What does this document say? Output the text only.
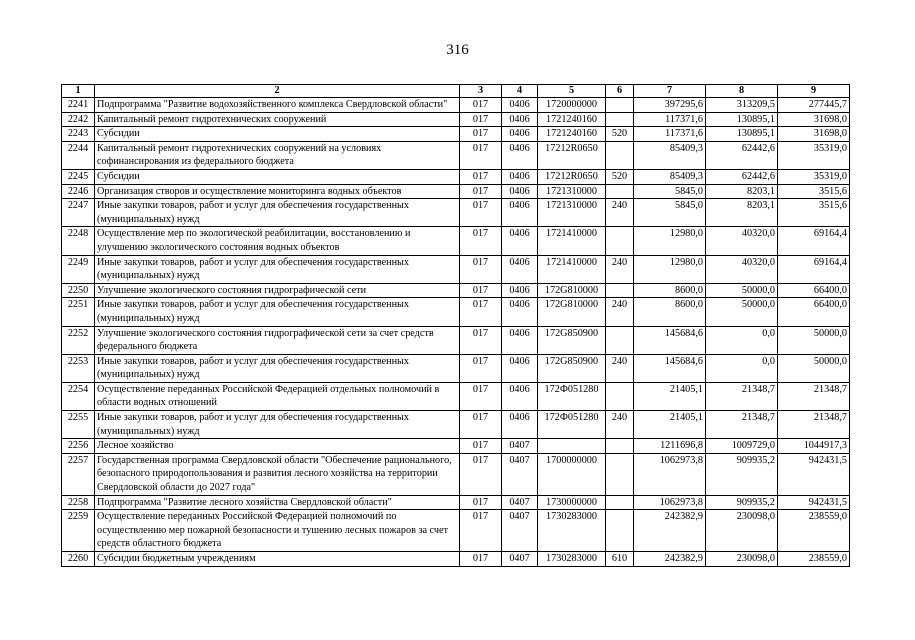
316
1	2	3	4	5	6	7	8	9
2241	Подпрограмма "Развитие водохозяйственного комплекса Свердловской области"	017	0406	1720000000		397295,6	313209,5	277445,7
2242	Капитальный ремонт гидротехнических сооружений	017	0406	1721240160		117371,6	130895,1	31698,0
2243	Субсидии	017	0406	1721240160	520	117371,6	130895,1	31698,0
2244	Капитальный ремонт гидротехнических сооружений на условиях софинансирования из федерального бюджета	017	0406	17212R0650		85409,3	62442,6	35319,0
2245	Субсидии	017	0406	17212R0650	520	85409,3	62442,6	35319,0
2246	Организация створов и осуществление мониторинга водных объектов	017	0406	1721310000		5845,0	8203,1	3515,6
2247	Иные закупки товаров, работ и услуг для обеспечения государственных (муниципальных) нужд	017	0406	1721310000	240	5845,0	8203,1	3515,6
2248	Осуществление мер по экологической реабилитации, восстановлению и улучшению экологического состояния водных объектов	017	0406	1721410000		12980,0	40320,0	69164,4
2249	Иные закупки товаров, работ и услуг для обеспечения государственных (муниципальных) нужд	017	0406	1721410000	240	12980,0	40320,0	69164,4
2250	Улучшение экологического состояния гидрографической сети	017	0406	172G810000		8600,0	50000,0	66400,0
2251	Иные закупки товаров, работ и услуг для обеспечения государственных (муниципальных) нужд	017	0406	172G810000	240	8600,0	50000,0	66400,0
2252	Улучшение экологического состояния гидрографической сети за счет средств федерального бюджета	017	0406	172G850900		145684,6	0,0	50000,0
2253	Иные закупки товаров, работ и услуг для обеспечения государственных (муниципальных) нужд	017	0406	172G850900	240	145684,6	0,0	50000,0
2254	Осуществление переданных Российской Федерацией отдельных полномочий в области водных отношений	017	0406	172Ф051280		21405,1	21348,7	21348,7
2255	Иные закупки товаров, работ и услуг для обеспечения государственных (муниципальных) нужд	017	0406	172Ф051280	240	21405,1	21348,7	21348,7
2256	Лесное хозяйство	017	0407			1211696,8	1009729,0	1044917,3
2257	Государственная программа Свердловской области "Обеспечение рационального, безопасного природопользования и развития лесного хозяйства на территории Свердловской области до 2027 года"	017	0407	1700000000		1062973,8	909935,2	942431,5
2258	Подпрограмма "Развитие лесного хозяйства Свердловской области"	017	0407	1730000000		1062973,8	909935,2	942431,5
2259	Осуществление переданных Российской Федерацией полномочий по осуществлению мер пожарной безопасности и тушению лесных пожаров за счет средств областного бюджета	017	0407	1730283000		242382,9	230098,0	238559,0
2260	Субсидии бюджетным учреждениям	017	0407	1730283000	610	242382,9	230098,0	238559,0
